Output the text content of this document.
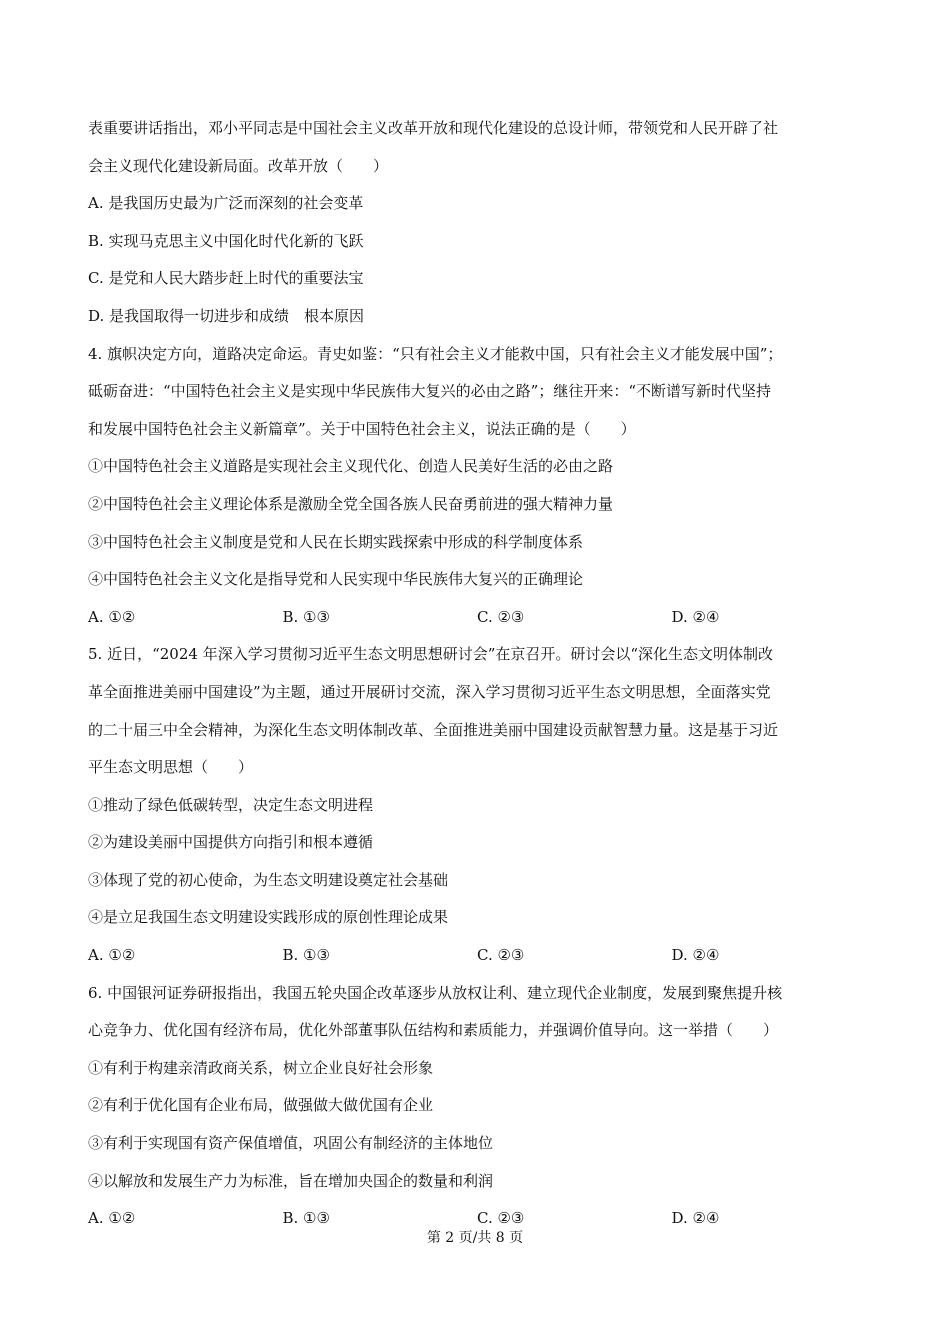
表重要讲话指出，邓小平同志是中国社会主义改革开放和现代化建设的总设计师，带领党和人民开辟了社
会主义现代化建设新局面。改革开放（　　）
A. 是我国历史最为广泛而深刻的社会变革
B. 实现马克思主义中国化时代化新的飞跃
C. 是党和人民大踏步赶上时代的重要法宝
D. 是我国取得一切进步和成绩　根本原因
4. 旗帜决定方向，道路决定命运。青史如鉴：“只有社会主义才能救中国，只有社会主义才能发展中国”；
砥砺奋进：“中国特色社会主义是实现中华民族伟大复兴的必由之路”；继往开来：“不断谱写新时代坚持
和发展中国特色社会主义新篇章”。关于中国特色社会主义，说法正确的是（　　）
①中国特色社会主义道路是实现社会主义现代化、创造人民美好生活的必由之路
②中国特色社会主义理论体系是激励全党全国各族人民奋勇前进的强大精神力量
③中国特色社会主义制度是党和人民在长期实践探索中形成的科学制度体系
④中国特色社会主义文化是指导党和人民实现中华民族伟大复兴的正确理论
A. ①②	B. ①③	C. ②③	D. ②④
5. 近日，“2024 年深入学习贯彻习近平生态文明思想研讨会”在京召开。研讨会以“深化生态文明体制改
革全面推进美丽中国建设”为主题，通过开展研讨交流，深入学习贯彻习近平生态文明思想，全面落实党
的二十届三中全会精神，为深化生态文明体制改革、全面推进美丽中国建设贡献智慧力量。这是基于习近
平生态文明思想（　　）
①推动了绿色低碳转型，决定生态文明进程
②为建设美丽中国提供方向指引和根本遵循
③体现了党的初心使命，为生态文明建设奠定社会基础
④是立足我国生态文明建设实践形成的原创性理论成果
A. ①②	B. ①③	C. ②③	D. ②④
6. 中国银河证券研报指出，我国五轮央国企改革逐步从放权让利、建立现代企业制度，发展到聚焦提升核
心竞争力、优化国有经济布局，优化外部董事队伍结构和素质能力，并强调价值导向。这一举措（　　）
①有利于构建亲清政商关系，树立企业良好社会形象
②有利于优化国有企业布局，做强做大做优国有企业
③有利于实现国有资产保值增值，巩固公有制经济的主体地位
④以解放和发展生产力为标准，旨在增加央国企的数量和利润
A. ①②	B. ①③	C. ②③	D. ②④
第 2 页/共 8 页
